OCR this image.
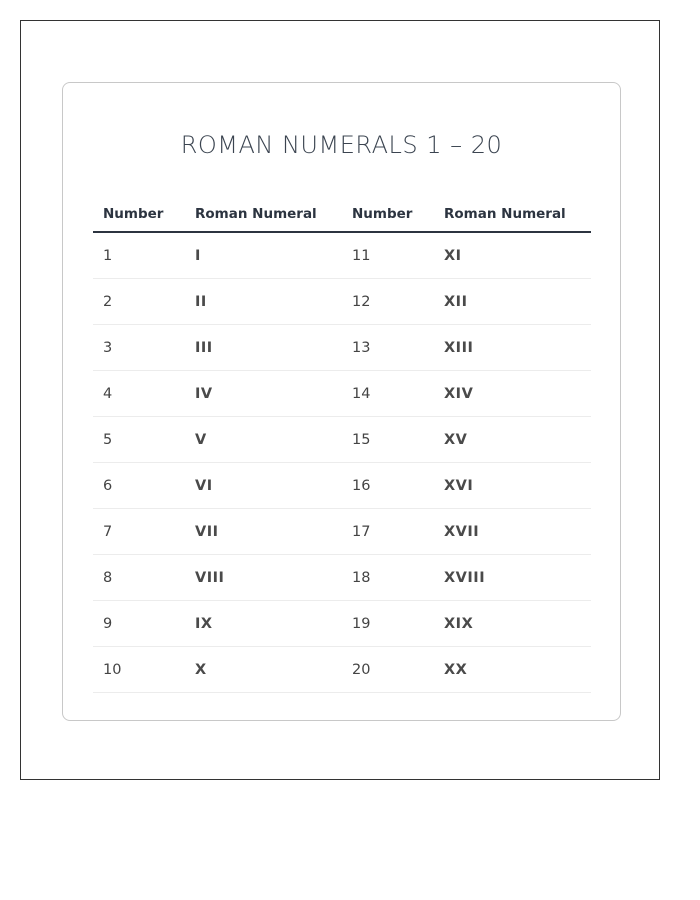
ROMAN NUMERALS 1 – 20
Number	Roman Numeral	Number	Roman Numeral
1	I	11	XI
2	II	12	XII
3	III	13	XIII
4	IV	14	XIV
5	V	15	XV
6	VI	16	XVI
7	VII	17	XVII
8	VIII	18	XVIII
9	IX	19	XIX
10	X	20	XX
